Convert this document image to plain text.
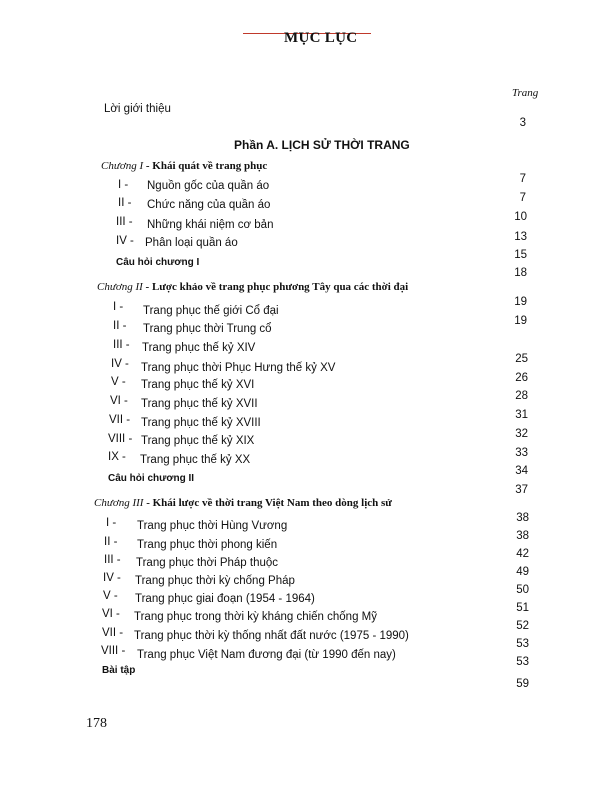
MỤC LỤC
Trang
Lời giới thiệu
Phần A. LỊCH SỬ THỜI TRANG
Chương I - Khái quát về trang phục
I - Nguồn gốc của quần áo
II - Chức năng của quần áo
III - Những khái niệm cơ bản
IV - Phân loại quần áo
Câu hỏi chương I
Chương II - Lược khảo về trang phục phương Tây qua các thời đại
I - Trang phục thế giới Cổ đại
II - Trang phục thời Trung cổ
III - Trang phục thế kỷ XIV
IV - Trang phục thời Phục Hưng thế kỷ XV
V - Trang phục thế kỷ XVI
VI - Trang phục thế kỷ XVII
VII - Trang phục thế kỷ XVIII
VIII - Trang phục thế kỷ XIX
IX - Trang phục thế kỷ XX
Câu hỏi chương II
Chương III - Khái lược về thời trang Việt Nam theo dòng lịch sử
I - Trang phục thời Hùng Vương
II - Trang phục thời phong kiến
III - Trang phục thời Pháp thuộc
IV - Trang phục thời kỳ chống Pháp
V - Trang phục giai đoạn (1954 - 1964)
VI - Trang phục trong thời kỳ kháng chiến chống Mỹ
VII - Trang phục thời kỳ thống nhất đất nước (1975 - 1990)
VIII - Trang phục Việt Nam đương đại (từ 1990 đến nay)
Bài tập
3
7
7
10
13
15
18
19
19
25
26
28
31
32
33
34
37
38
38
42
49
50
51
52
53
53
59
178
